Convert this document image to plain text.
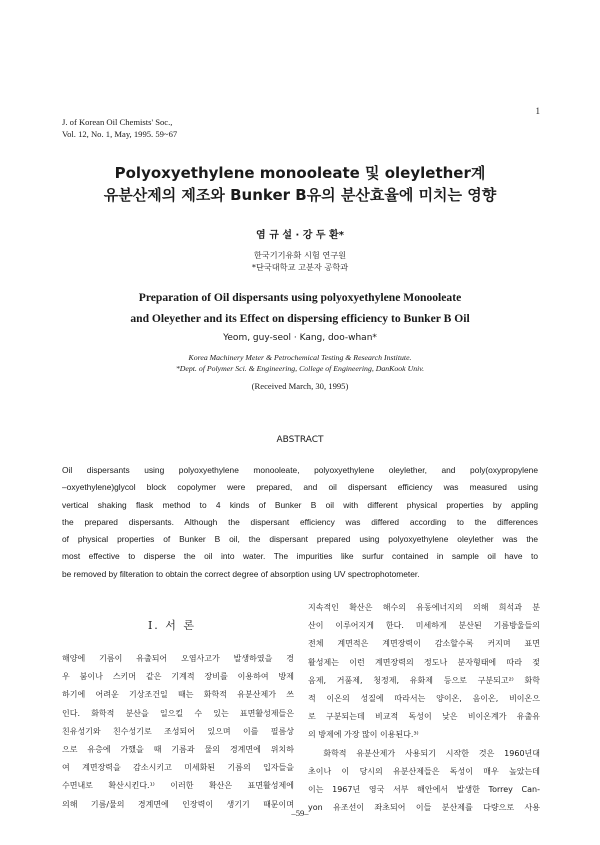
J. of Korean Oil Chemists' Soc.,
Vol. 12, No. 1, May, 1995. 59~67
1
Polyoxyethylene monooleate 및 oleylether계
유분산제의 제조와 Bunker B유의 분산효율에 미치는 영향
염 규 설 · 강 두 환*
한국기기유화 시험 연구원
*단국대학교 고분자 공학과
Preparation of Oil dispersants using polyoxyethylene Monooleate
and Oleyether and its Effect on dispersing efficiency to Bunker B Oil
Yeom, guy-seol · Kang, doo-whan*
Korea Machinery Meter & Petrochemical Testing & Research Institute.
*Dept. of Polymer Sci. & Engineering, College of Engineering, DanKook Univ.
(Received March, 30, 1995)
ABSTRACT
Oil dispersants using polyoxyethylene monooleate, polyoxyethylene oleylether, and poly(oxypropylene
–oxyethylene)glycol block copolymer were prepared, and oil dispersant efficiency was measured using
vertical shaking flask method to 4 kinds of Bunker B oil with different physical properties by appling
the prepared dispersants. Although the dispersant efficiency was differed according to the differences
of physical properties of Bunker B oil, the dispersant prepared using polyoxyethylene oleylether was the
most effective to disperse the oil into water. The impurities like surfur contained in sample oil have to
be removed by filteration to obtain the correct degree of absorption using UV spectrophotometer.
I. 서 론
해양에 기름이 유출되어 오염사고가 발생하였을 경
우 붐이나 스키머 같은 기계적 장비를 이용하여 방제
하기에 어려운 기상조건일 때는 화학적 유분산제가 쓰
인다. 화학적 분산을 일으킬 수 있는 표면활성제들은
친유성기와 친수성기로 조성되어 있으며 이를 필름상
으로 유층에 가했을 때 기름과 물의 경계면에 위치하
여 계면장력을 감소시키고 미세화된 기름의 입자들을
수면내로 확산시킨다.¹⁾ 이러한 확산은 표면활성제에
의해 기름/물의 경계면에 인장력이 생기기 때문이며
지속적인 확산은 해수의 유동에너지의 의해 희석과 분
산이 이루어지게 한다. 미세하게 분산된 기름방울들의
전체 계면적은 계면장력이 감소할수록 커지며 표면
활성제는 이런 계면장력의 정도나 분자형태에 따라 젖
음제, 거품제, 청정제, 유화제 등으로 구분되고²⁾ 화학
적 이온의 성질에 따라서는 양이온, 음이온, 비이온으
로 구분되는데 비교적 독성이 낮은 비이온계가 유출유
의 방제에 가장 많이 이용된다.³⁾
　화학적 유분산제가 사용되기 시작한 것은 1960년대
초이나 이 당시의 유분산제들은 독성이 매우 높았는데
이는 1967년 영국 서부 해안에서 발생한 Torrey Can-
yon 유조선이 좌초되어 이들 분산제를 다량으로 사용
–59–
